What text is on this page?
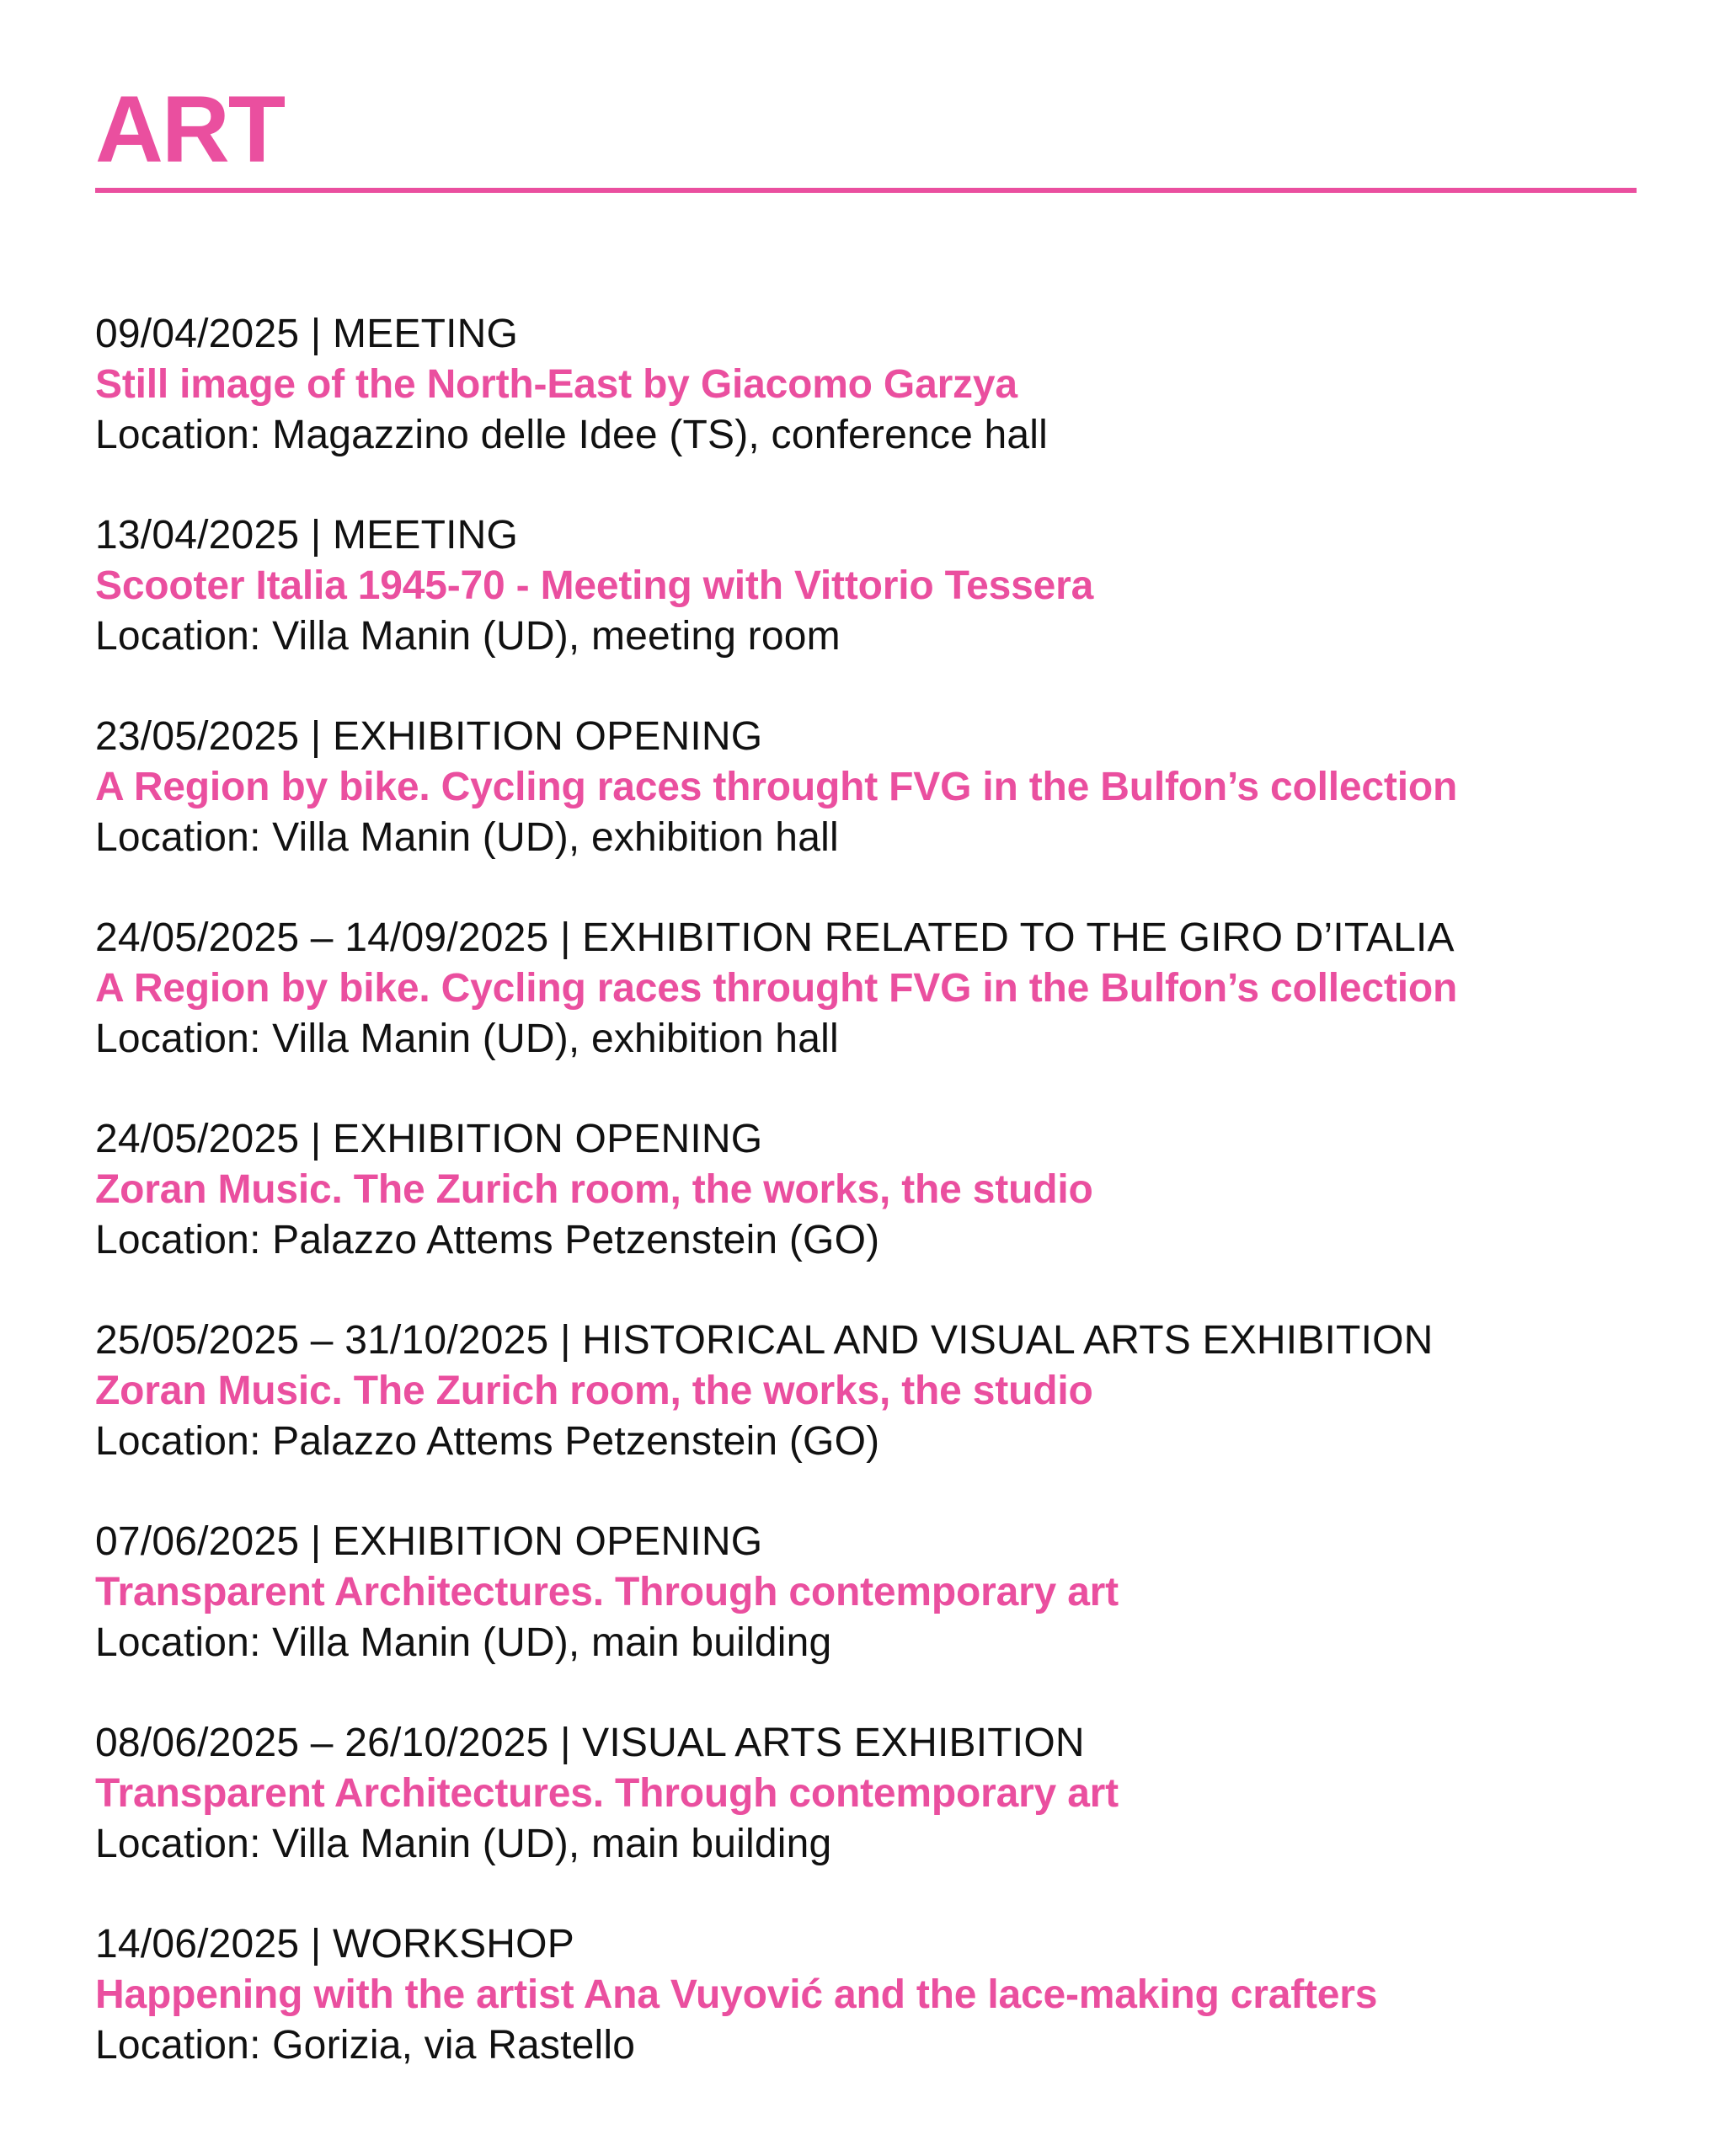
ART
09/04/2025 | MEETING
Still image of the North-East by Giacomo Garzya
Location: Magazzino delle Idee (TS), conference hall
13/04/2025 | MEETING
Scooter Italia 1945-70 - Meeting with Vittorio Tessera
Location: Villa Manin (UD), meeting room
23/05/2025 | EXHIBITION OPENING
A Region by bike. Cycling races throught FVG in the Bulfon’s collection
Location: Villa Manin (UD), exhibition hall
24/05/2025 – 14/09/2025 | EXHIBITION RELATED TO THE GIRO D’ITALIA
A Region by bike. Cycling races throught FVG in the Bulfon’s collection
Location: Villa Manin (UD), exhibition hall
24/05/2025 | EXHIBITION OPENING
Zoran Music. The Zurich room, the works, the studio
Location: Palazzo Attems Petzenstein (GO)
25/05/2025 – 31/10/2025 | HISTORICAL AND VISUAL ARTS EXHIBITION
Zoran Music. The Zurich room, the works, the studio
Location: Palazzo Attems Petzenstein (GO)
07/06/2025 | EXHIBITION OPENING
Transparent Architectures. Through contemporary art
Location: Villa Manin (UD), main building
08/06/2025 – 26/10/2025 | VISUAL ARTS EXHIBITION
Transparent Architectures. Through contemporary art
Location: Villa Manin (UD), main building
14/06/2025 | WORKSHOP
Happening with the artist Ana Vuyović and the lace-making crafters
Location: Gorizia, via Rastello
